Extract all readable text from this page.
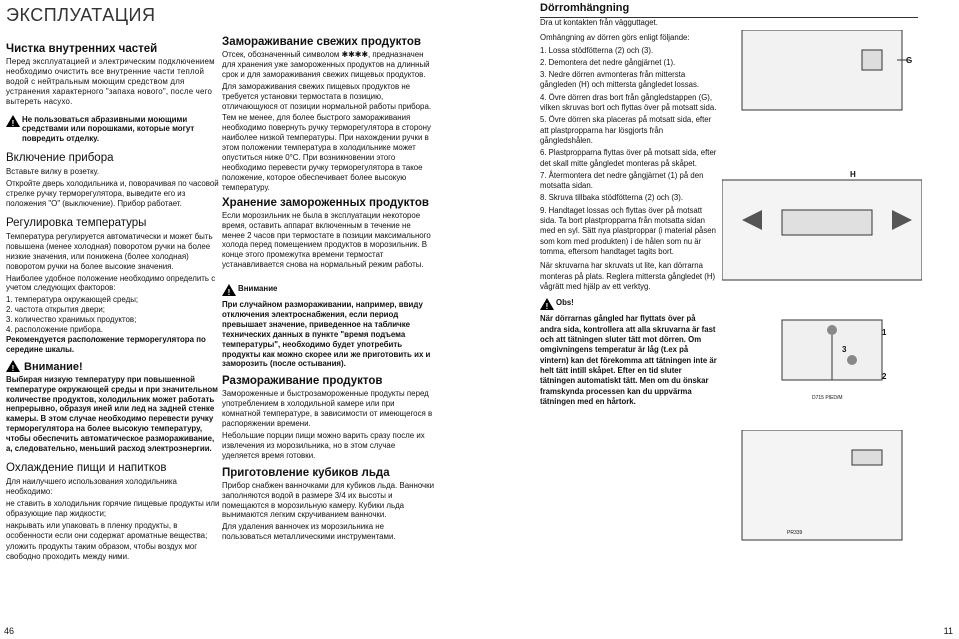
ЭКСПЛУАТАЦИЯ
Чистка внутренних частей

Перед эксплуатацией и электрическим подключением необходимо очистить все внутренние части теплой водой с нейтральным моющим средством для устранения характерного "запаха нового", после чего вытереть насухо.

! Не пользоваться абразивными моющими средствами или порошками, которые могут повредить отделку.

Включение прибора

Вставьте вилку в розетку.

Откройте дверь холодильника и, поворачивая по часовой стрелке ручку терморегулятора, выведите его из положения "O" (выключение). Прибор работает.

Регулировка температуры

Температура регулируется автоматически и может быть повышена (менее холодная) поворотом ручки на более низкие значения, или понижена (более холодная) поворотом ручки на более высокие значения.

Наиболее удобное положение необходимо определить с учетом следующих факторов:

1. температура окружающей среды;

2. частота открытия двери;

3. количество хранимых продуктов;

4. расположение прибора.

Рекомендуется расположение терморегулятора по середине шкалы.

! Внимание!

Выбирая низкую температуру при повышенной температуре окружающей среды и при значительном количестве продуктов, холодильник может работать непрерывно, образуя иней или лед на задней стенке камеры. В этом случае необходимо перевести ручку терморегулятора на более высокую температуру, чтобы обеспечить автоматическое размораживание, а, следовательно, меньший расход электроэнергии.

Охлаждение пищи и напитков

Для наилучшего использования холодильника необходимо:

не ставить в холодильник горячие пищевые продукты или образующие пар жидкости;

накрывать или упаковать в пленку продукты, в особенности если они содержат ароматные вещества;

уложить продукты таким образом, чтобы воздух мог свободно проходить между ними.

46
Замораживание свежих продуктов

Отсек, обозначенный символом ✱✱✱✱, предназначен для хранения уже замороженных продуктов на длинный срок и для замораживания свежих пищевых продуктов.

Для замораживания свежих пищевых продуктов не требуется установки термостата в позицию, отличающуюся от позиции нормальной работы прибора.

Тем не менее, для более быстрого замораживания необходимо повернуть ручку терморегулятора в сторону наиболее низкой температуры. При нахождении ручки в этом положении температура в холодильнике может опуститься ниже 0°С. При возникновении этого необходимо перевести ручку терморегулятора в такое положение, которое обеспечивает более высокую температуру.

Хранение замороженных продуктов

Если морозильник не была в эксплуатации некоторое время, оставить аппарат включенным в течение не менее 2 часов при термостате в позиции максимального холода перед помещением продуктов в морозильник. В конце этого промежутка времени термостат устанавливается снова на нормальный режим работы.

! Внимание

При случайном размораживании, например, ввиду отключения электроснабжения, если период превышает значение, приведенное на табличке технических данных в пункте "время подъема температуры", необходимо будет употребить продукты как можно скорее или же приготовить их и заморозить (после остывания).

Размораживание продуктов

Замороженные и быстрозамороженные продукты перед употреблением в холодильной камере или при комнатной температуре, в зависимости от имеющегося в распоряжении времени.

Небольшие порции пищи можно варить сразу после их извлечения из морозильника, но в этом случае уделяется время готовки.

Приготовление кубиков льда

Прибор снабжен ванночками для кубиков льда. Ванночки заполняются водой в размере 3/4 их высоты и помещаются в морозильную камеру. Кубики льда вынимаются легким скручиванием ванночки.

Для удаления ванночек из морозильника не пользоваться металлическими инструментами.

Dörromhängning

Dra ut kontakten från vägguttaget.

Omhängning av dörren görs enligt följande:

1. Lossa stödfötterna (2) och (3).

2. Demontera det nedre gångjärnet (1).

3. Nedre dörren avmonteras från mittersta gångleden (H) och mittersta gångledet lossas.

4. Övre dörren dras bort från gångledstappen (G), vilken skruvas bort och flyttas över på motsatt sida.

5. Övre dörren ska placeras på motsatt sida, efter att plastpropparna har lösgjorts från gångledshålen.

6. Plastpropparna flyttas över på motsatt sida, efter det skall mitte gångledet monteras på skåpet.

7. Återmontera det nedre gångjärnet (1) på den motsatta sidan.

8. Skruva tillbaka stödfötterna (2) och (3).

9. Handtaget lossas och flyttas över på motsatt sida. Ta bort plastpropparna från motsatta sidan med en syl. Sätt nya plastproppar (i material påsen som kom med produkten) i de hålen som nu är tomma, eftersom handtaget tagits bort.

När skruvarna har skruvats ut lite, kan dörrarna monteras på plats. Reglera mittersta gångledet (H) vågrätt med hjälp av ett verktyg.

! Obs!

När dörrarnas gångled har flyttats över på andra sida, kontrollera att alla skruvarna är fast och att tätningen sluter tätt mot dörren. Om omgivningens temperatur är låg (t.ex på vintern) kan det förekomma att tätningen inte är helt tätt intill skåpet. Efter en tid sluter tätningen automatiskt tätt. Men om du önskar framskynda processen kan du uppvärma tätningen med en hårtork.

G
H
3
1
2
D715 PIED/M
PR339
11
